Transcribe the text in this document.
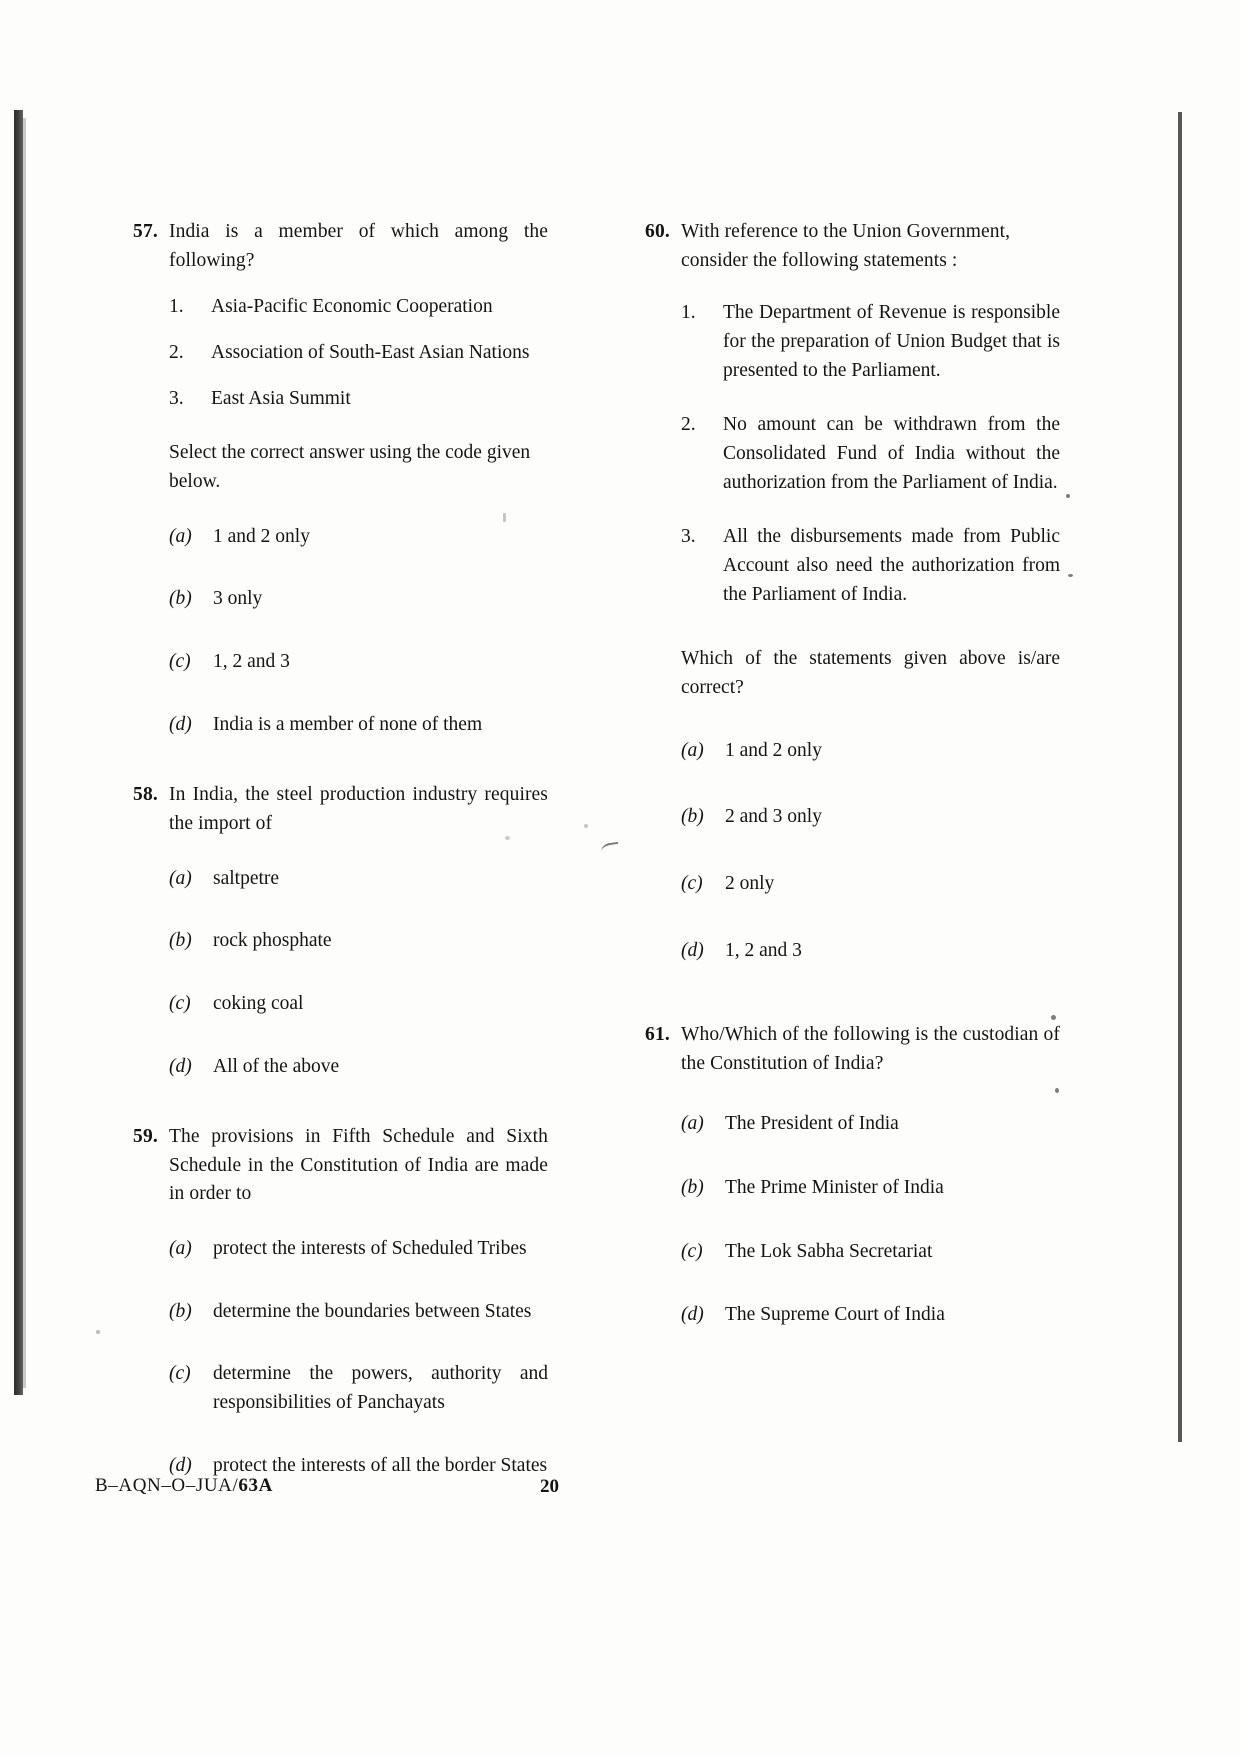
57. India is a member of which among the following?
1.	Asia-Pacific Economic Cooperation
2.	Association of South-East Asian Nations
3.	East Asia Summit
Select the correct answer using the code given below.
(a)	1 and 2 only
(b)	3 only
(c)	1, 2 and 3
(d)	India is a member of none of them
58. In India, the steel production industry requires the import of
(a)	saltpetre
(b)	rock phosphate
(c)	coking coal
(d)	All of the above
59. The provisions in Fifth Schedule and Sixth Schedule in the Constitution of India are made in order to
(a)	protect the interests of Scheduled Tribes
(b)	determine the boundaries between States
(c)	determine the powers, authority and responsibilities of Panchayats
(d)	protect the interests of all the border States
60. With reference to the Union Government, consider the following statements :
1.	The Department of Revenue is responsible for the preparation of Union Budget that is presented to the Parliament.
2.	No amount can be withdrawn from the Consolidated Fund of India without the authorization from the Parliament of India.
3.	All the disbursements made from Public Account also need the authorization from the Parliament of India.
Which of the statements given above is/are correct?
(a)	1 and 2 only
(b)	2 and 3 only
(c)	2 only
(d)	1, 2 and 3
61. Who/Which of the following is the custodian of the Constitution of India?
(a)	The President of India
(b)	The Prime Minister of India
(c)	The Lok Sabha Secretariat
(d)	The Supreme Court of India
B–AQN–O–JUA/63A	20
